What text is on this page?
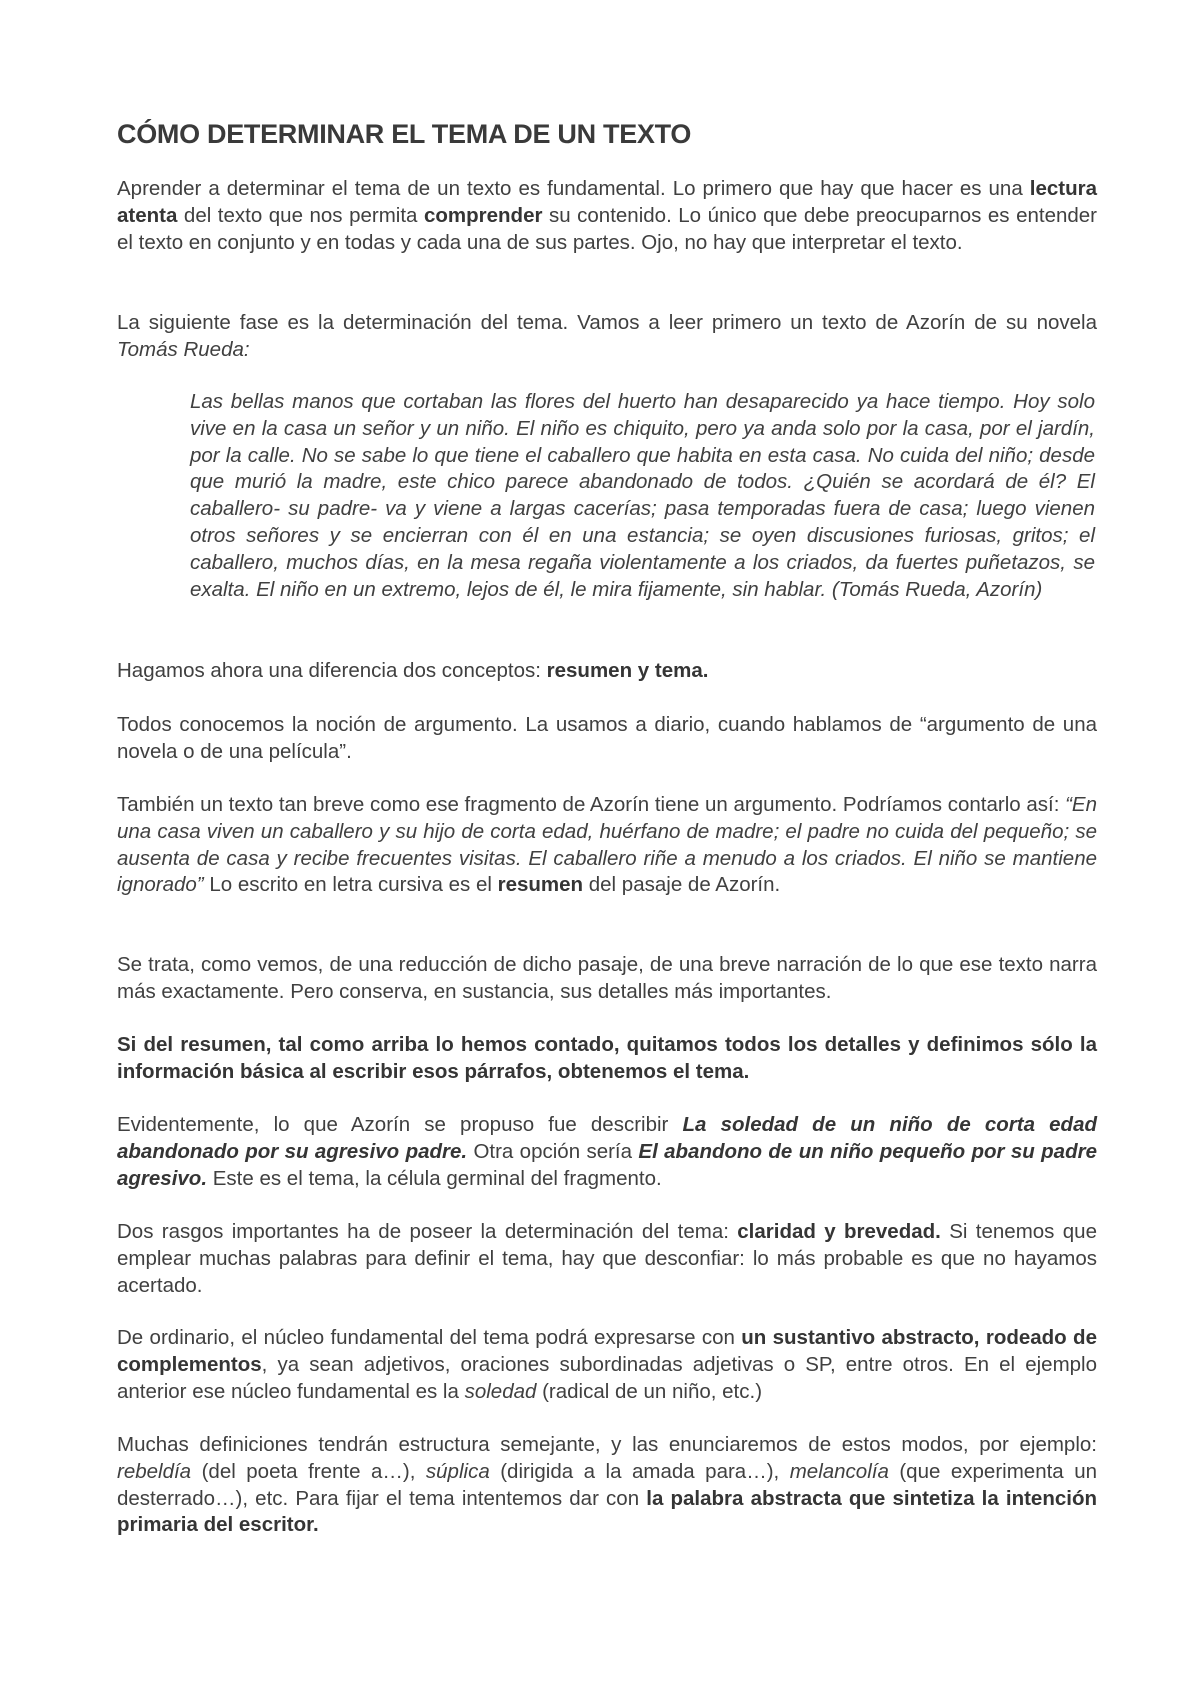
CÓMO DETERMINAR EL TEMA DE UN TEXTO

Aprender a determinar el tema de un texto es fundamental. Lo primero que hay que hacer es una lectura atenta del texto que nos permita comprender su contenido. Lo único que debe preocuparnos es entender el texto en conjunto y en todas y cada una de sus partes. Ojo, no hay que interpretar el texto.

La siguiente fase es la determinación del tema. Vamos a leer primero un texto de Azorín de su novela Tomás Rueda:

Las bellas manos que cortaban las flores del huerto han desaparecido ya hace tiempo. Hoy solo vive en la casa un señor y un niño. El niño es chiquito, pero ya anda solo por la casa, por el jardín, por la calle. No se sabe lo que tiene el caballero que habita en esta casa. No cuida del niño; desde que murió la madre, este chico parece abandonado de todos. ¿Quién se acordará de él? El caballero- su padre- va y viene a largas cacerías; pasa temporadas fuera de casa; luego vienen otros señores y se encierran con él en una estancia; se oyen discusiones furiosas, gritos; el caballero, muchos días, en la mesa regaña violentamente a los criados, da fuertes puñetazos, se exalta. El niño en un extremo, lejos de él, le mira fijamente, sin hablar. (Tomás Rueda, Azorín)

Hagamos ahora una diferencia dos conceptos: resumen y tema.

Todos conocemos la noción de argumento. La usamos a diario, cuando hablamos de “argumento de una novela o de una película”.

También un texto tan breve como ese fragmento de Azorín tiene un argumento. Podríamos contarlo así: “En una casa viven un caballero y su hijo de corta edad, huérfano de madre; el padre no cuida del pequeño; se ausenta de casa y recibe frecuentes visitas. El caballero riñe a menudo a los criados. El niño se mantiene ignorado” Lo escrito en letra cursiva es el resumen del pasaje de Azorín.

Se trata, como vemos, de una reducción de dicho pasaje, de una breve narración de lo que ese texto narra más exactamente. Pero conserva, en sustancia, sus detalles más importantes.

Si del resumen, tal como arriba lo hemos contado, quitamos todos los detalles y definimos sólo la información básica al escribir esos párrafos, obtenemos el tema.

Evidentemente, lo que Azorín se propuso fue describir La soledad de un niño de corta edad abandonado por su agresivo padre. Otra opción sería El abandono de un niño pequeño por su padre agresivo. Este es el tema, la célula germinal del fragmento.

Dos rasgos importantes ha de poseer la determinación del tema: claridad y brevedad. Si tenemos que emplear muchas palabras para definir el tema, hay que desconfiar: lo más probable es que no hayamos acertado.

De ordinario, el núcleo fundamental del tema podrá expresarse con un sustantivo abstracto, rodeado de complementos, ya sean adjetivos, oraciones subordinadas adjetivas o SP, entre otros. En el ejemplo anterior ese núcleo fundamental es la soledad (radical de un niño, etc.)

Muchas definiciones tendrán estructura semejante, y las enunciaremos de estos modos, por ejemplo: rebeldía (del poeta frente a…), súplica (dirigida a la amada para…), melancolía (que experimenta un desterrado…), etc. Para fijar el tema intentemos dar con la palabra abstracta que sintetiza la intención primaria del escritor.
